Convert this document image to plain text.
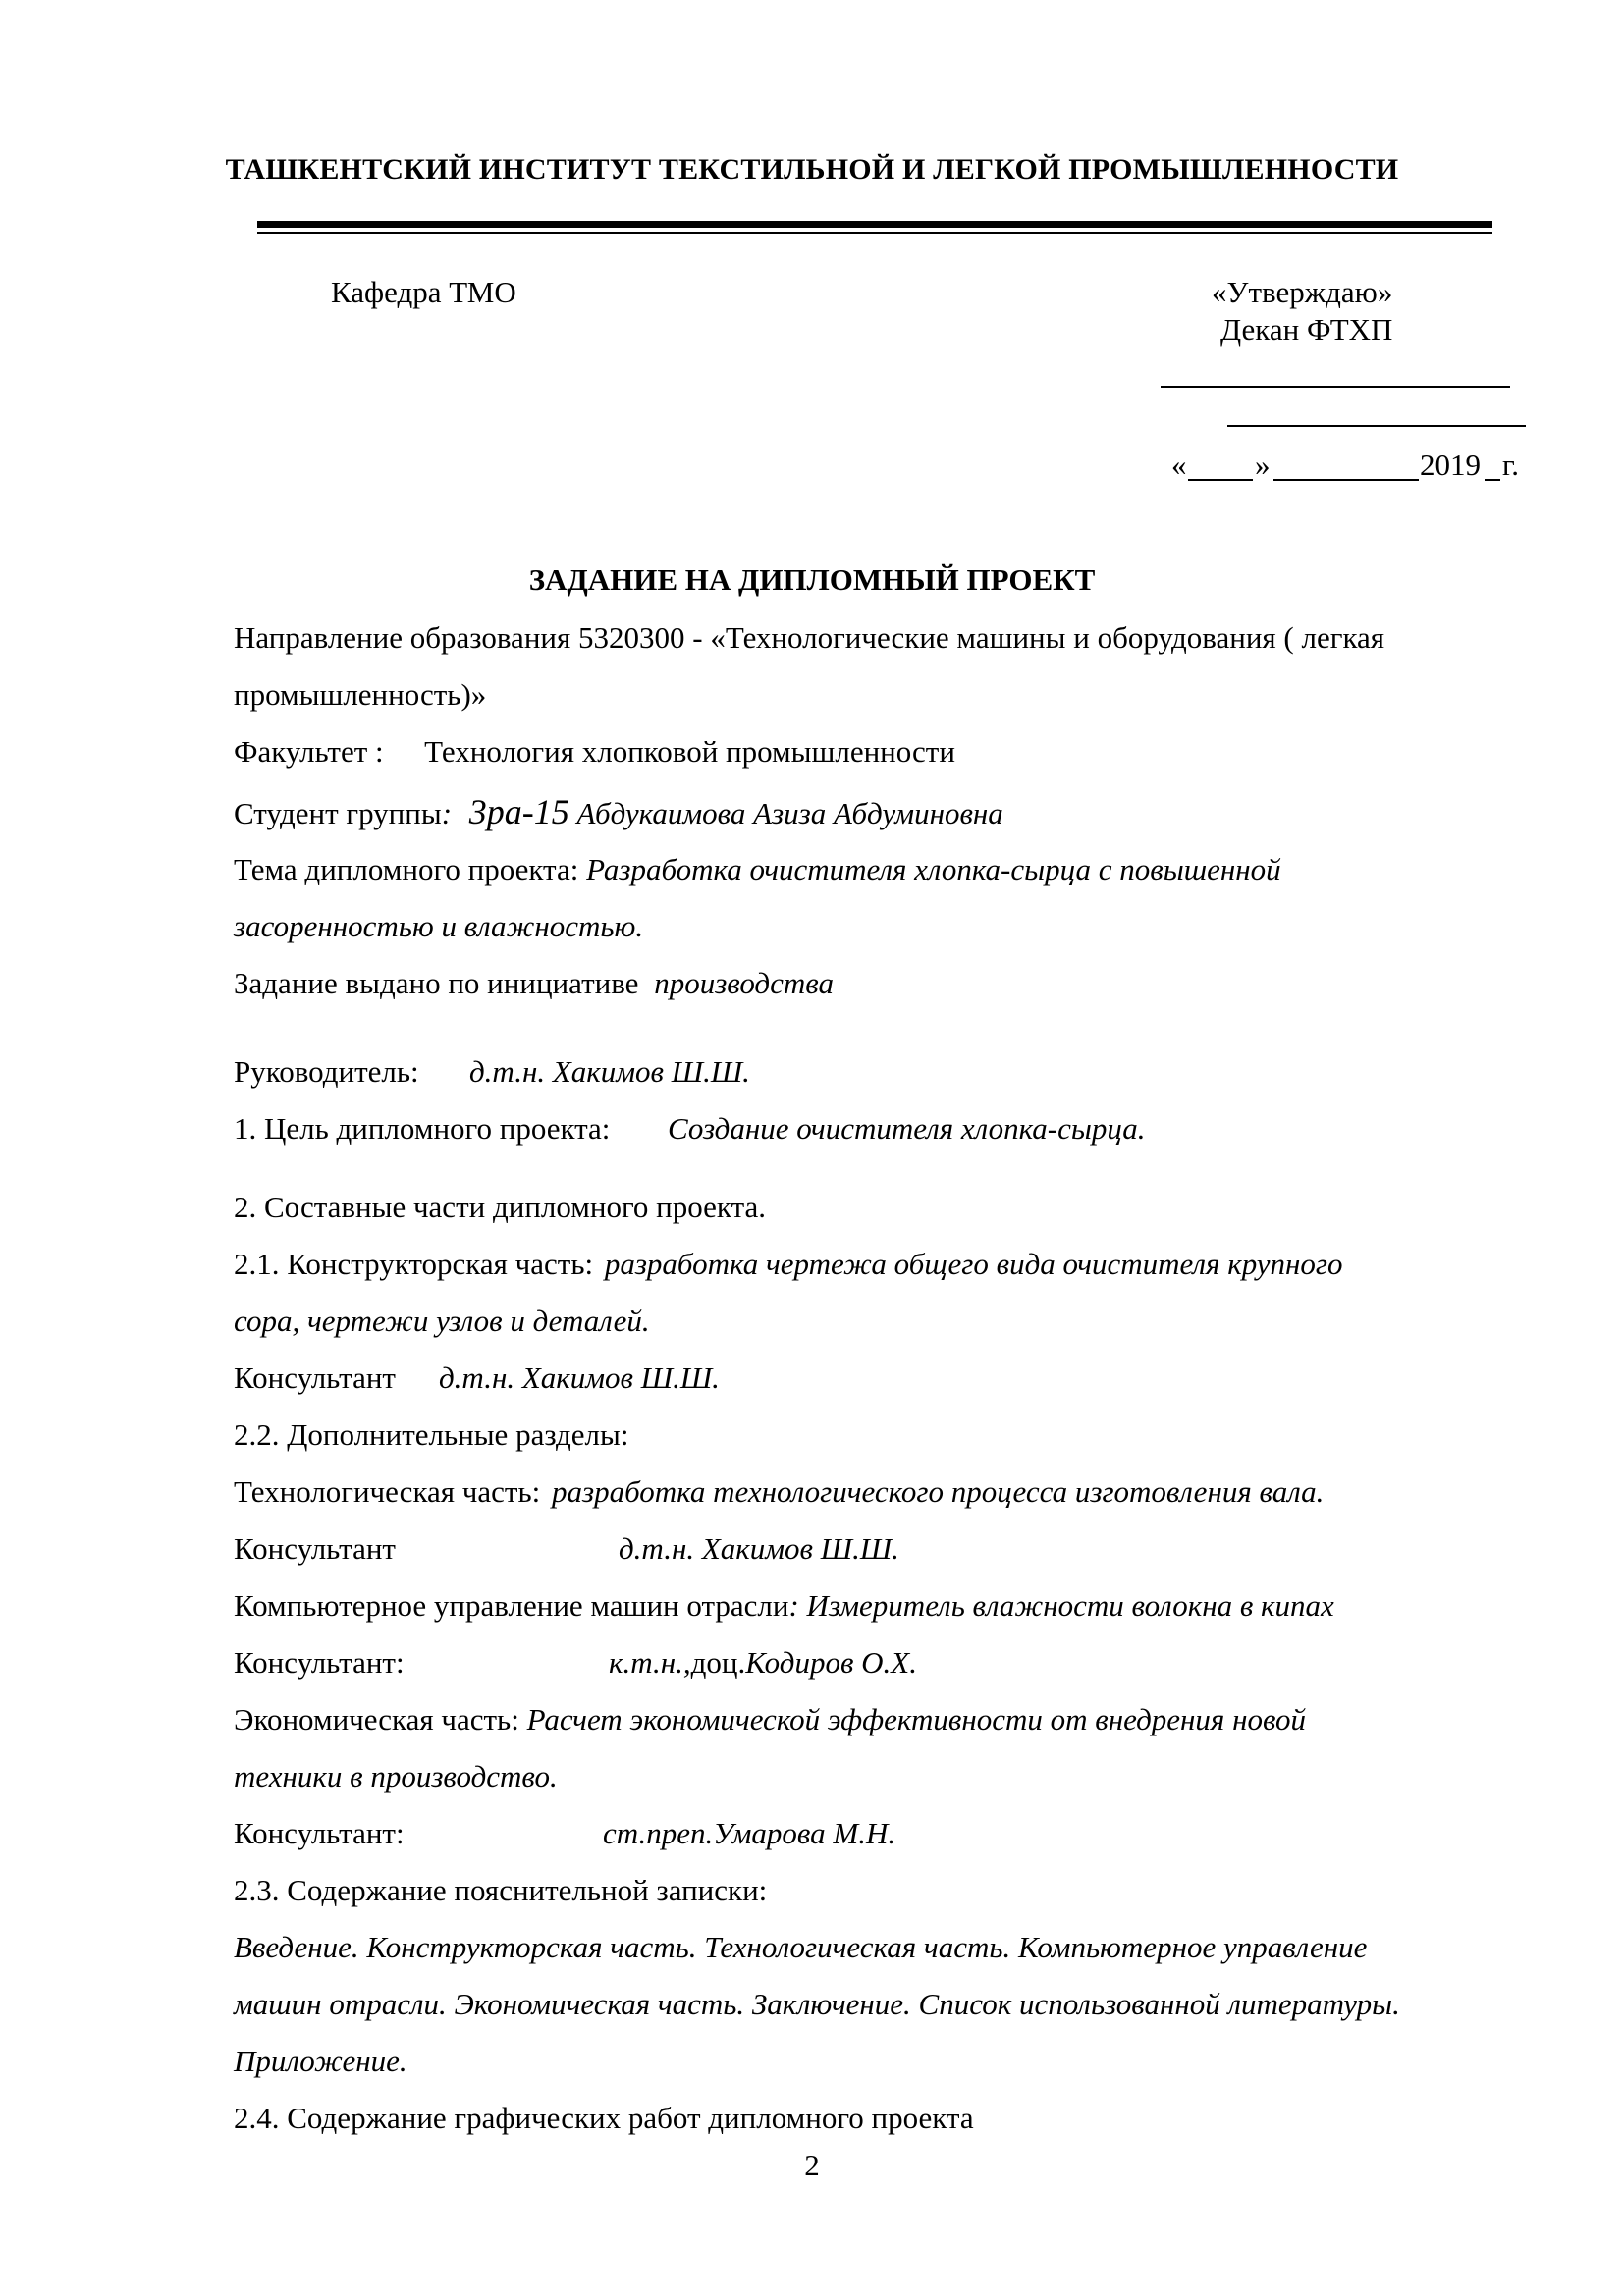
ТАШКЕНТСКИЙ ИНСТИТУТ ТЕКСТИЛЬНОЙ И ЛЕГКОЙ ПРОМЫШЛЕННОСТИ
Кафедра ТМО	«Утверждаю»
Декан ФТХП
« »	2019 г.
ЗАДАНИЕ НА ДИПЛОМНЫЙ ПРОЕКТ
Направление образования 5320300 - «Технологические машины и оборудования ( легкая
промышленность)»
Факультет : Технология хлопковой промышленности
Студент группы: 3ра-15 Абдукаимова Азиза Абдуминовна
Тема дипломного проекта: Разработка очистителя хлопка-сырца с повышенной
засоренностью и влажностью.
Задание выдано по инициативе производства
Руководитель: д.т.н. Хакимов Ш.Ш.
1. Цель дипломного проекта: Создание очистителя хлопка-сырца.
2. Составные части дипломного проекта.
2.1. Конструкторская часть: разработка чертежа общего вида очистителя крупного
сора, чертежи узлов и деталей.
Консультант д.т.н. Хакимов Ш.Ш.
2.2. Дополнительные разделы:
Технологическая часть: разработка технологического процесса изготовления вала.
Консультант	д.т.н. Хакимов Ш.Ш.
Компьютерное управление машин отрасли: Измеритель влажности волокна в кипах
Консультант:	к.т.н.,доц.Кодиров О.Х.
Экономическая часть: Расчет экономической эффективности от внедрения новой
техники в производство.
Консультант:	ст.преп.Умарова М.Н.
2.3. Содержание пояснительной записки:
Введение. Конструкторская часть. Технологическая часть. Компьютерное управление
машин отрасли. Экономическая часть. Заключение. Список использованной литературы.
Приложение.
2.4. Содержание графических работ дипломного проекта
2
